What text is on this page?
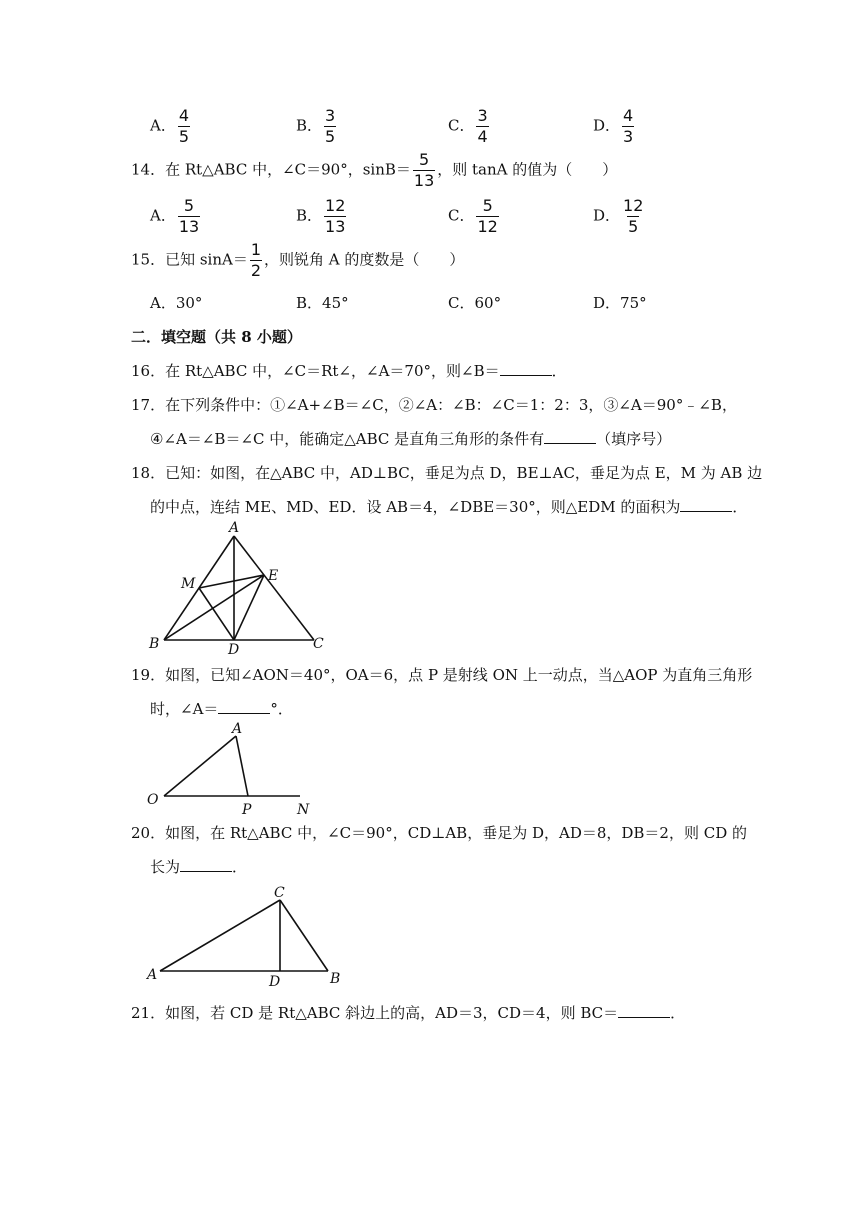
A． $\frac{4}{5}$	B． $\frac{3}{5}$	C． $\frac{3}{4}$	D． $\frac{4}{3}$
14．在 Rt△ABC 中，∠C＝90°，$\sin B= \frac{5}{13}$ ，则 tanA 的值为（　　）
A． $\frac{5}{13}$	B． $\frac{12}{13}$	C． $\frac{5}{12}$	D． $\frac{12}{5}$
15．已知 $\sin A= \frac{1}{2}$ ，则锐角 A 的度数是（　　）
A．30°	B．45°	C．60°	D．75°
二．填空题（共 8 小题）
16．在 Rt△ABC 中，∠C＝Rt∠，∠A＝70°，则∠B＝	．
17．在下列条件中：①∠A+∠B＝∠C，②∠A：∠B：∠C＝1：2：3，③∠A＝90°﹣∠B，
④∠A＝∠B＝∠C 中，能确定△ABC 是直角三角形的条件有	（填序号）
18．已知：如图，在△ABC 中，AD⊥BC，垂足为点 D，BE⊥AC，垂足为点 E，M 为 AB 边
的中点，连结 ME、MD、ED．设 AB＝4，∠DBE＝30°，则△EDM 的面积为	．
A
M	E
B	D	C
19．如图，已知∠AON＝40°，OA＝6，点 P 是射线 ON 上一动点，当△AOP 为直角三角形
时，∠A＝	°．
A
O
P	N
20．如图，在 Rt△ABC 中，∠C＝90°，CD⊥AB，垂足为 D，AD＝8，DB＝2，则 CD 的
长为	．
C
A	D	B
21．如图，若 CD 是 Rt△ABC 斜边上的高，AD＝3，CD＝4，则 BC＝	．
